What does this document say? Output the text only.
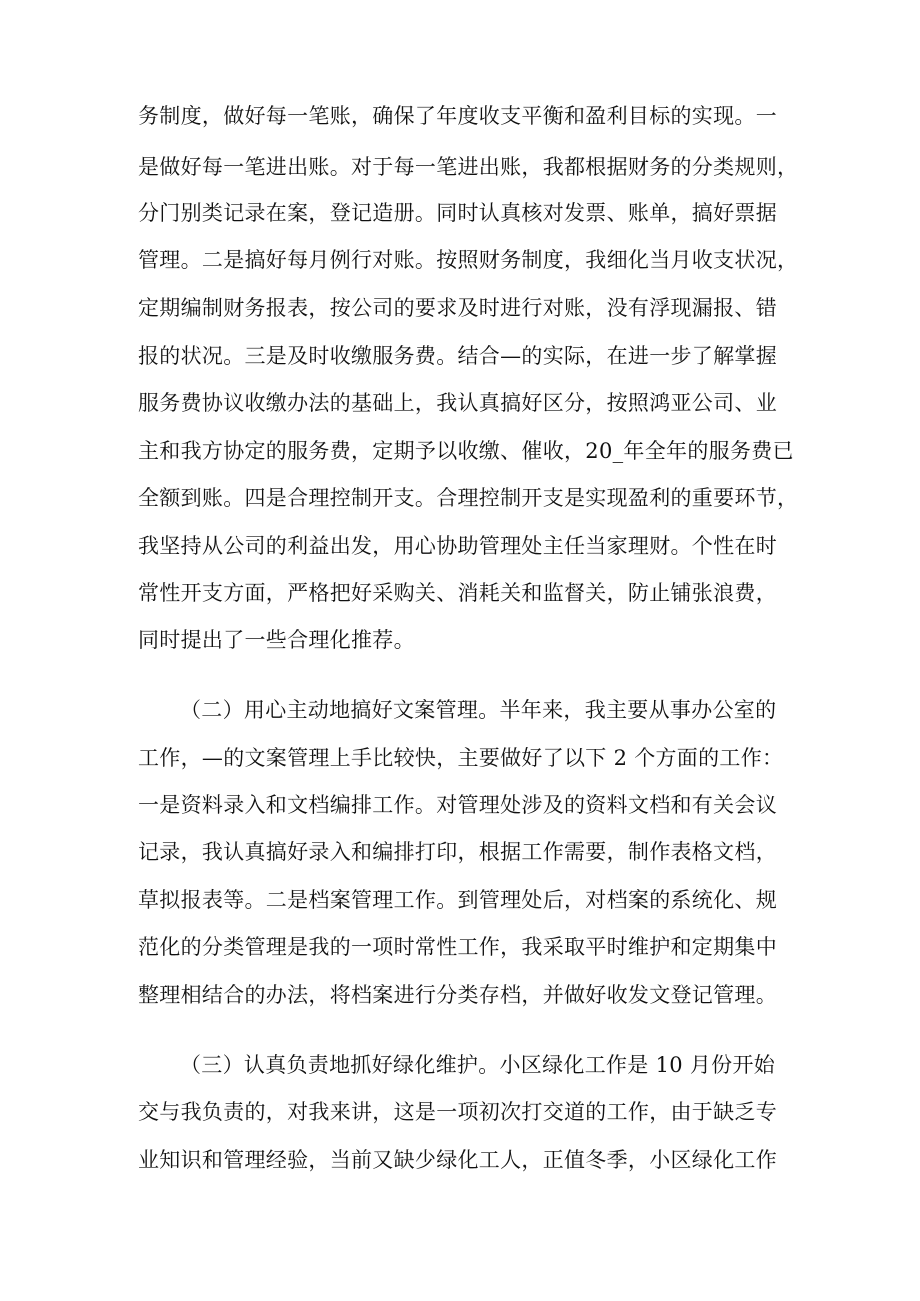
务制度，做好每一笔账，确保了年度收支平衡和盈利目标的实现。一

是做好每一笔进出账。对于每一笔进出账，我都根据财务的分类规则，

分门别类记录在案，登记造册。同时认真核对发票、账单，搞好票据

管理。二是搞好每月例行对账。按照财务制度，我细化当月收支状况，

定期编制财务报表，按公司的要求及时进行对账，没有浮现漏报、错

报的状况。三是及时收缴服务费。结合—的实际，在进一步了解掌握

服务费协议收缴办法的基础上，我认真搞好区分，按照鸿亚公司、业

主和我方协定的服务费，定期予以收缴、催收，20_年全年的服务费已

全额到账。四是合理控制开支。合理控制开支是实现盈利的重要环节，

我坚持从公司的利益出发，用心协助管理处主任当家理财。个性在时

常性开支方面，严格把好采购关、消耗关和监督关，防止铺张浪费，

同时提出了一些合理化推荐。

（二）用心主动地搞好文案管理。半年来，我主要从事办公室的

工作，—的文案管理上手比较快，主要做好了以下 2 个方面的工作：

一是资料录入和文档编排工作。对管理处涉及的资料文档和有关会议

记录，我认真搞好录入和编排打印，根据工作需要，制作表格文档，

草拟报表等。二是档案管理工作。到管理处后，对档案的系统化、规

范化的分类管理是我的一项时常性工作，我采取平时维护和定期集中

整理相结合的办法，将档案进行分类存档，并做好收发文登记管理。

（三）认真负责地抓好绿化维护。小区绿化工作是 10 月份开始

交与我负责的，对我来讲，这是一项初次打交道的工作，由于缺乏专

业知识和管理经验，当前又缺少绿化工人，正值冬季，小区绿化工作
